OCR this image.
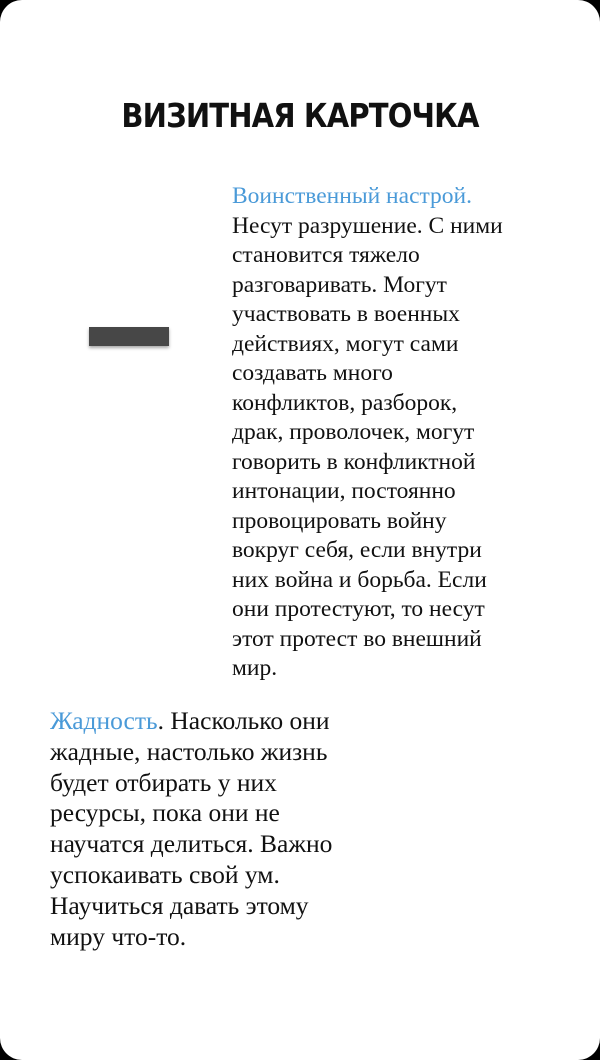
ВИЗИТНАЯ КАРТОЧКА
Воинственный настрой.
Несут разрушение. С ними
становится тяжело
разговаривать. Могут
участвовать в военных
действиях, могут сами
создавать много
конфликтов, разборок,
драк, проволочек, могут
говорить в конфликтной
интонации, постоянно
провоцировать войну
вокруг себя, если внутри
них война и борьба. Если
они протестуют, то несут
этот протест во внешний
мир.
Жадность. Насколько они
жадные, настолько жизнь
будет отбирать у них
ресурсы, пока они не
научатся делиться. Важно
успокаивать свой ум.
Научиться давать этому
миру что-то.
